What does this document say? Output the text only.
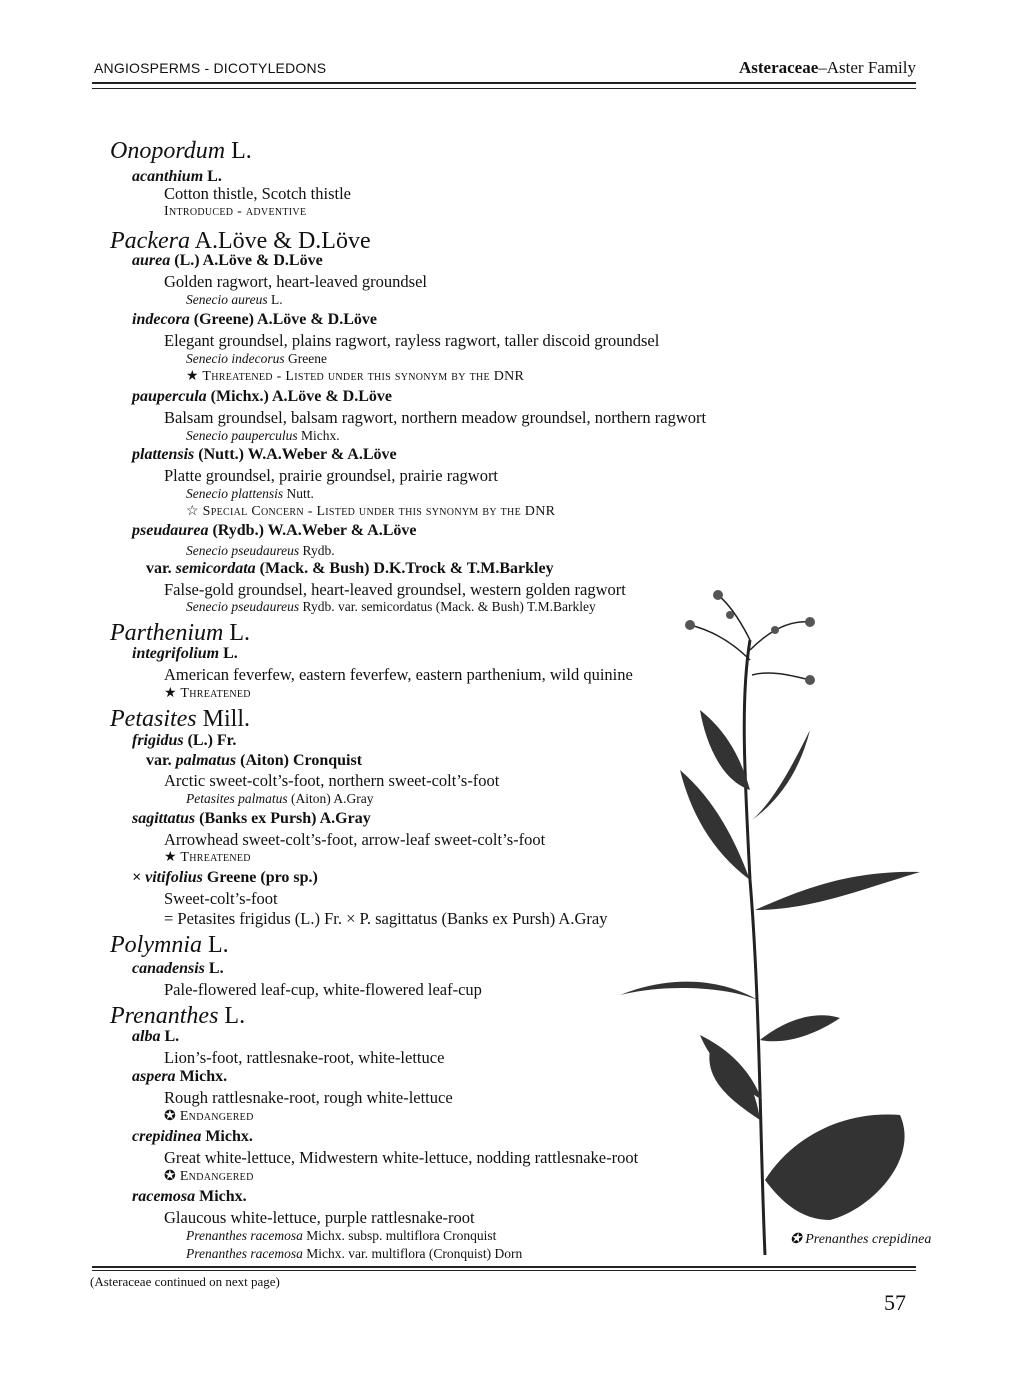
ANGIOSPERMS - DICOTYLEDONS	Asteraceae–Aster Family
Onopordum L.
acanthium L.
Cotton thistle, Scotch thistle
Introduced - adventive
Packera A.Löve & D.Löve
aurea (L.) A.Löve & D.Löve
Golden ragwort, heart-leaved groundsel
Senecio aureus L.
indecora (Greene) A.Löve & D.Löve
Elegant groundsel, plains ragwort, rayless ragwort, taller discoid groundsel
Senecio indecorus Greene
★ Threatened - Listed under this synonym by the DNR
paupercula (Michx.) A.Löve & D.Löve
Balsam groundsel, balsam ragwort, northern meadow groundsel, northern ragwort
Senecio pauperculus Michx.
plattensis (Nutt.) W.A.Weber & A.Löve
Platte groundsel, prairie groundsel, prairie ragwort
Senecio plattensis Nutt.
☆ Special Concern - Listed under this synonym by the DNR
pseudaurea (Rydb.) W.A.Weber & A.Löve
Senecio pseudaureus Rydb.
var. semicordata (Mack. & Bush) D.K.Trock & T.M.Barkley
False-gold groundsel, heart-leaved groundsel, western golden ragwort
Senecio pseudaureus Rydb. var. semicordatus (Mack. & Bush) T.M.Barkley
Parthenium L.
integrifolium L.
American feverfew, eastern feverfew, eastern parthenium, wild quinine
★ Threatened
Petasites Mill.
frigidus (L.) Fr.
var. palmatus (Aiton) Cronquist
Arctic sweet-colt’s-foot, northern sweet-colt’s-foot
Petasites palmatus (Aiton) A.Gray
sagittatus (Banks ex Pursh) A.Gray
Arrowhead sweet-colt’s-foot, arrow-leaf sweet-colt’s-foot
★ Threatened
× vitifolius Greene (pro sp.)
Sweet-colt’s-foot
= Petasites frigidus (L.) Fr. × P. sagittatus (Banks ex Pursh) A.Gray
Polymnia L.
canadensis L.
Pale-flowered leaf-cup, white-flowered leaf-cup
Prenanthes L.
alba L.
Lion’s-foot, rattlesnake-root, white-lettuce
aspera Michx.
Rough rattlesnake-root, rough white-lettuce
✪ Endangered
crepidinea Michx.
Great white-lettuce, Midwestern white-lettuce, nodding rattlesnake-root
✪ Endangered
racemosa Michx.
Glaucous white-lettuce, purple rattlesnake-root
Prenanthes racemosa Michx. subsp. multiflora Cronquist
Prenanthes racemosa Michx. var. multiflora (Cronquist) Dorn
✪ Prenanthes crepidinea
(Asteraceae continued on next page)
57
